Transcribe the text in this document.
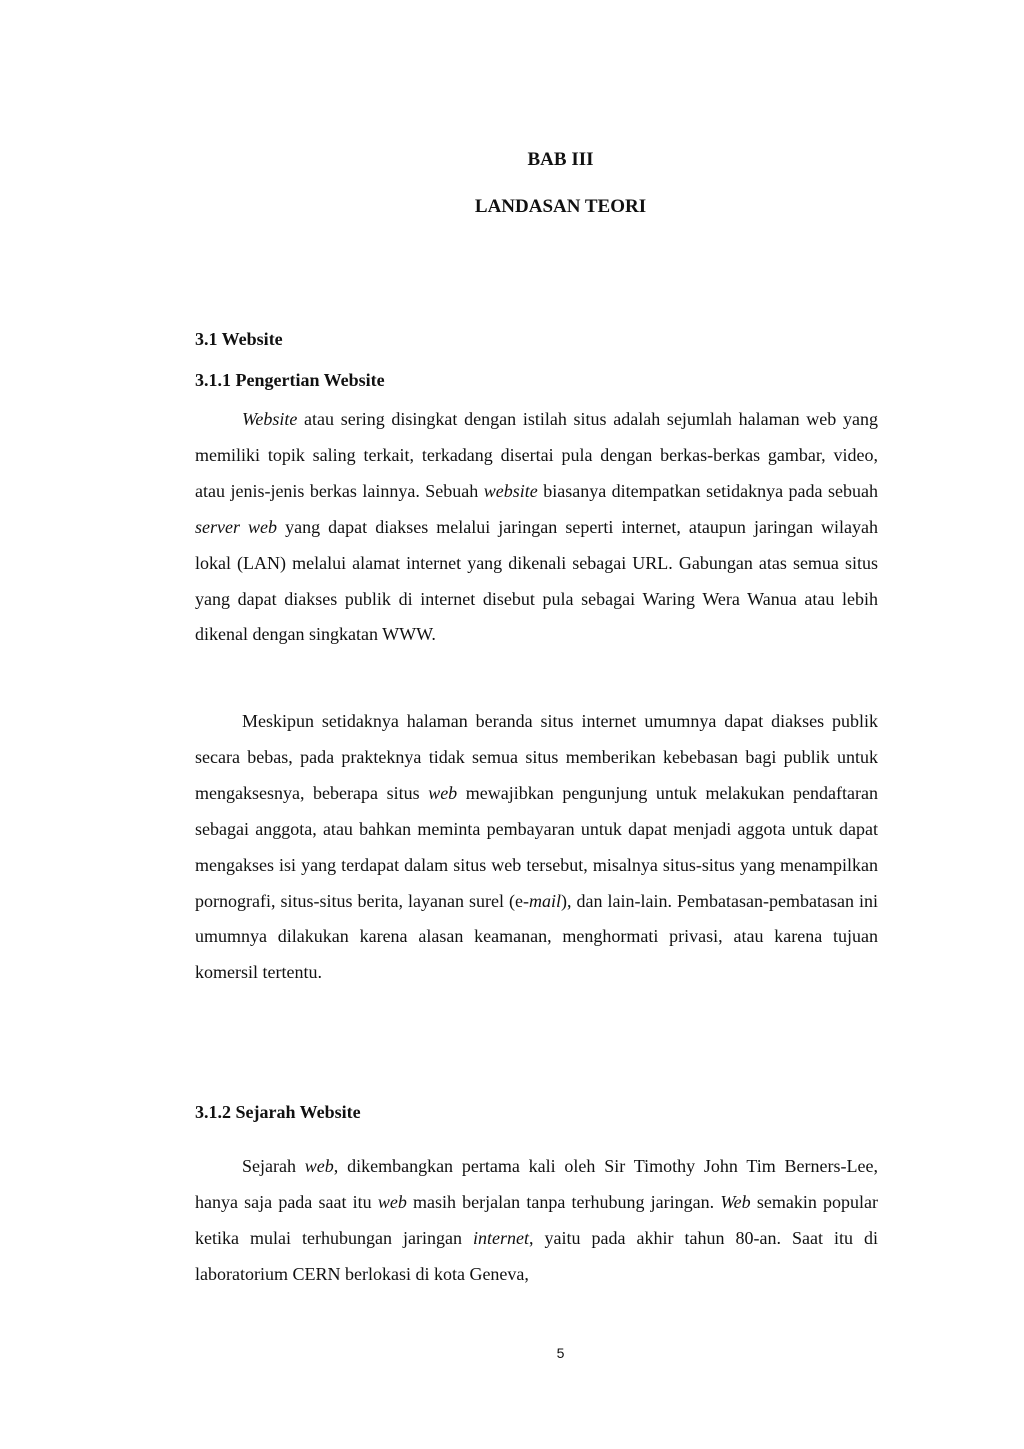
BAB III
LANDASAN TEORI
3.1 Website
3.1.1 Pengertian Website

Website atau sering disingkat dengan istilah situs adalah sejumlah halaman web yang memiliki topik saling terkait, terkadang disertai pula dengan berkas-berkas gambar, video, atau jenis-jenis berkas lainnya. Sebuah website biasanya ditempatkan setidaknya pada sebuah server web yang dapat diakses melalui jaringan seperti internet, ataupun jaringan wilayah lokal (LAN) melalui alamat internet yang dikenali sebagai URL. Gabungan atas semua situs yang dapat diakses publik di internet disebut pula sebagai Waring Wera Wanua atau lebih dikenal dengan singkatan WWW.

Meskipun setidaknya halaman beranda situs internet umumnya dapat diakses publik secara bebas, pada prakteknya tidak semua situs memberikan kebebasan bagi publik untuk mengaksesnya, beberapa situs web mewajibkan pengunjung untuk melakukan pendaftaran sebagai anggota, atau bahkan meminta pembayaran untuk dapat menjadi aggota untuk dapat mengakses isi yang terdapat dalam situs web tersebut, misalnya situs-situs yang menampilkan pornografi, situs-situs berita, layanan surel (e-mail), dan lain-lain. Pembatasan-pembatasan ini umumnya dilakukan karena alasan keamanan, menghormati privasi, atau karena tujuan komersil tertentu.

3.1.2 Sejarah Website

Sejarah web, dikembangkan pertama kali oleh Sir Timothy John Tim Berners-Lee, hanya saja pada saat itu web masih berjalan tanpa terhubung jaringan. Web semakin popular ketika mulai terhubungan jaringan internet, yaitu pada akhir tahun 80-an. Saat itu di laboratorium CERN berlokasi di kota Geneva,

5
